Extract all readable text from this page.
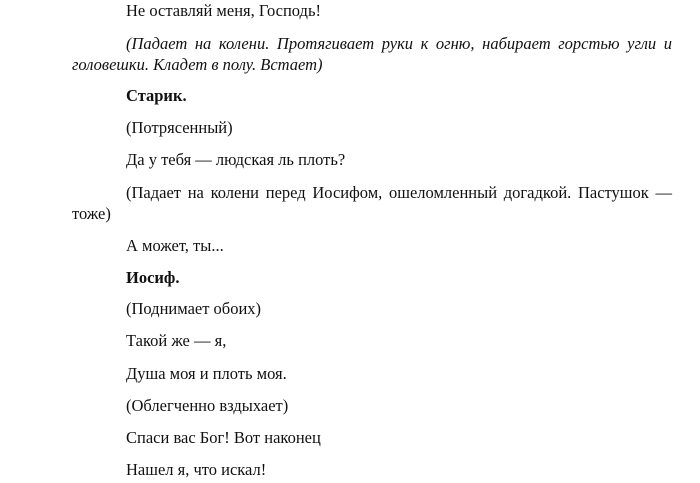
Не оставляй меня, Господь!
(Падает на колени. Протягивает руки к огню, набирает горстью угли и головешки. Кладет в полу. Встает)
Старик.
(Потрясенный)
Да у тебя — людская ль плоть?
(Падает на колени перед Иосифом, ошеломленный догадкой. Пастушок — тоже)
А может, ты...
Иосиф.
(Поднимает обоих)
Такой же — я,
Душа моя и плоть моя.
(Облегченно вздыхает)
Спаси вас Бог! Вот наконец
Нашел я, что искал!
